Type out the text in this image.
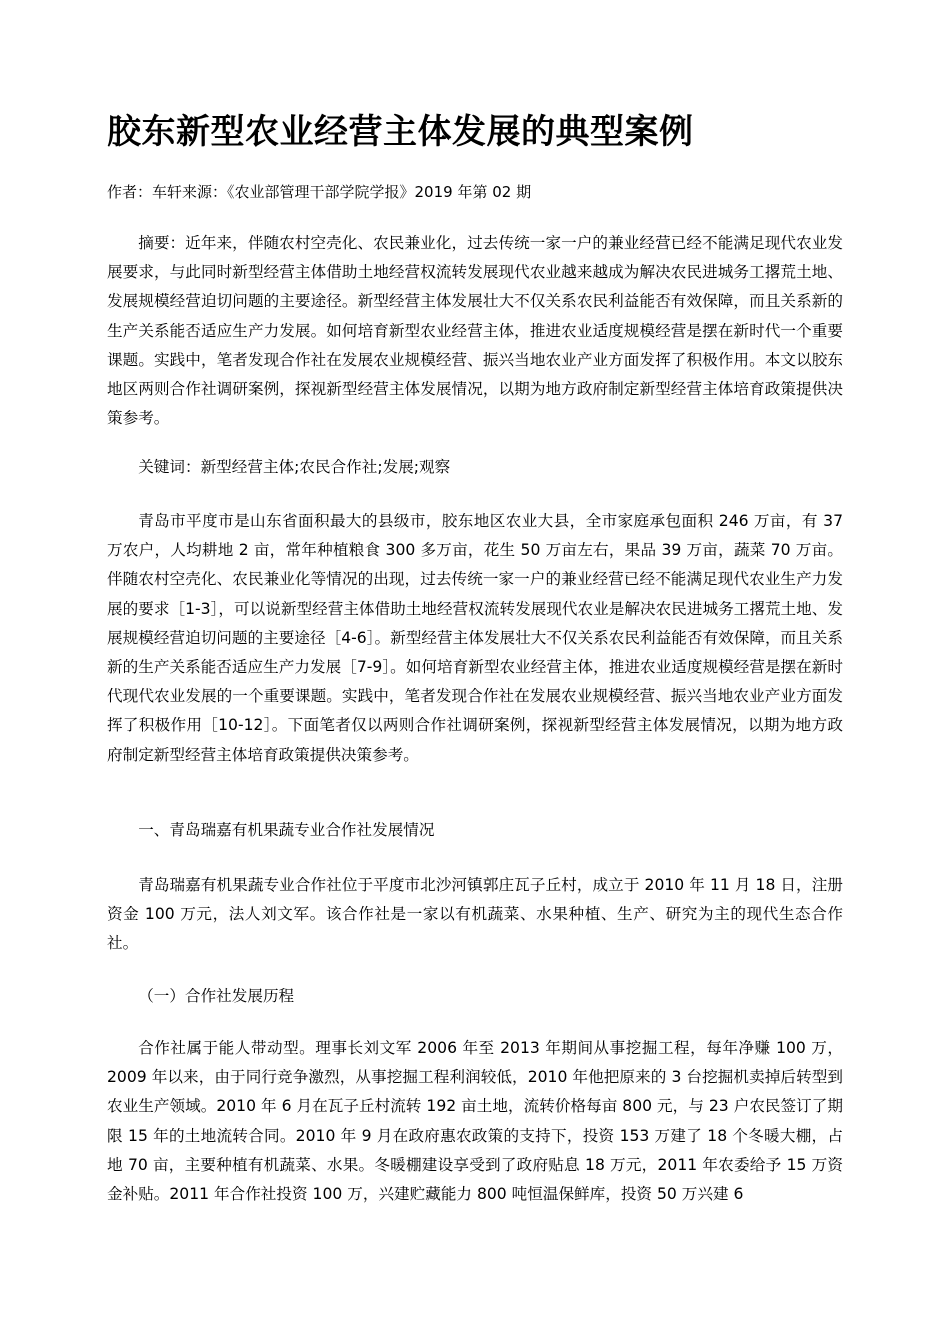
胶东新型农业经营主体发展的典型案例
作者：车轩来源：《农业部管理干部学院学报》2019 年第 02 期

摘要：近年来，伴随农村空壳化、农民兼业化，过去传统一家一户的兼业经营已经不能满足现代农业发展要求，与此同时新型经营主体借助土地经营权流转发展现代农业越来越成为解决农民进城务工撂荒土地、发展规模经营迫切问题的主要途径。新型经营主体发展壮大不仅关系农民利益能否有效保障，而且关系新的生产关系能否适应生产力发展。如何培育新型农业经营主体，推进农业适度规模经营是摆在新时代一个重要课题。实践中，笔者发现合作社在发展农业规模经营、振兴当地农业产业方面发挥了积极作用。本文以胶东地区两则合作社调研案例，探视新型经营主体发展情况，以期为地方政府制定新型经营主体培育政策提供决策参考。

关键词：新型经营主体;农民合作社;发展;观察

青岛市平度市是山东省面积最大的县级市，胶东地区农业大县，全市家庭承包面积 246 万亩，有 37 万农户，人均耕地 2 亩，常年种植粮食 300 多万亩，花生 50 万亩左右，果品 39 万亩，蔬菜 70 万亩。伴随农村空壳化、农民兼业化等情况的出现，过去传统一家一户的兼业经营已经不能满足现代农业生产力发展的要求［1-3］，可以说新型经营主体借助土地经营权流转发展现代农业是解决农民进城务工撂荒土地、发展规模经营迫切问题的主要途径［4-6］。新型经营主体发展壮大不仅关系农民利益能否有效保障，而且关系新的生产关系能否适应生产力发展［7-9］。如何培育新型农业经营主体，推进农业适度规模经营是摆在新时代现代农业发展的一个重要课题。实践中，笔者发现合作社在发展农业规模经营、振兴当地农业产业方面发挥了积极作用［10-12］。下面笔者仅以两则合作社调研案例，探视新型经营主体发展情况，以期为地方政府制定新型经营主体培育政策提供决策参考。

一、青岛瑞嘉有机果蔬专业合作社发展情况

青岛瑞嘉有机果蔬专业合作社位于平度市北沙河镇郭庄瓦子丘村，成立于 2010 年 11 月 18 日，注册资金 100 万元，法人刘文军。该合作社是一家以有机蔬菜、水果种植、生产、研究为主的现代生态合作社。

（一）合作社发展历程

合作社属于能人带动型。理事长刘文军 2006 年至 2013 年期间从事挖掘工程，每年净赚 100 万，2009 年以来，由于同行竞争激烈，从事挖掘工程利润较低，2010 年他把原来的 3 台挖掘机卖掉后转型到农业生产领域。2010 年 6 月在瓦子丘村流转 192 亩土地，流转价格每亩 800 元，与 23 户农民签订了期限 15 年的土地流转合同。2010 年 9 月在政府惠农政策的支持下，投资 153 万建了 18 个冬暖大棚，占地 70 亩，主要种植有机蔬菜、水果。冬暖棚建设享受到了政府贴息 18 万元，2011 年农委给予 15 万资金补贴。2011 年合作社投资 100 万，兴建贮藏能力 800 吨恒温保鲜库，投资 50 万兴建 6
